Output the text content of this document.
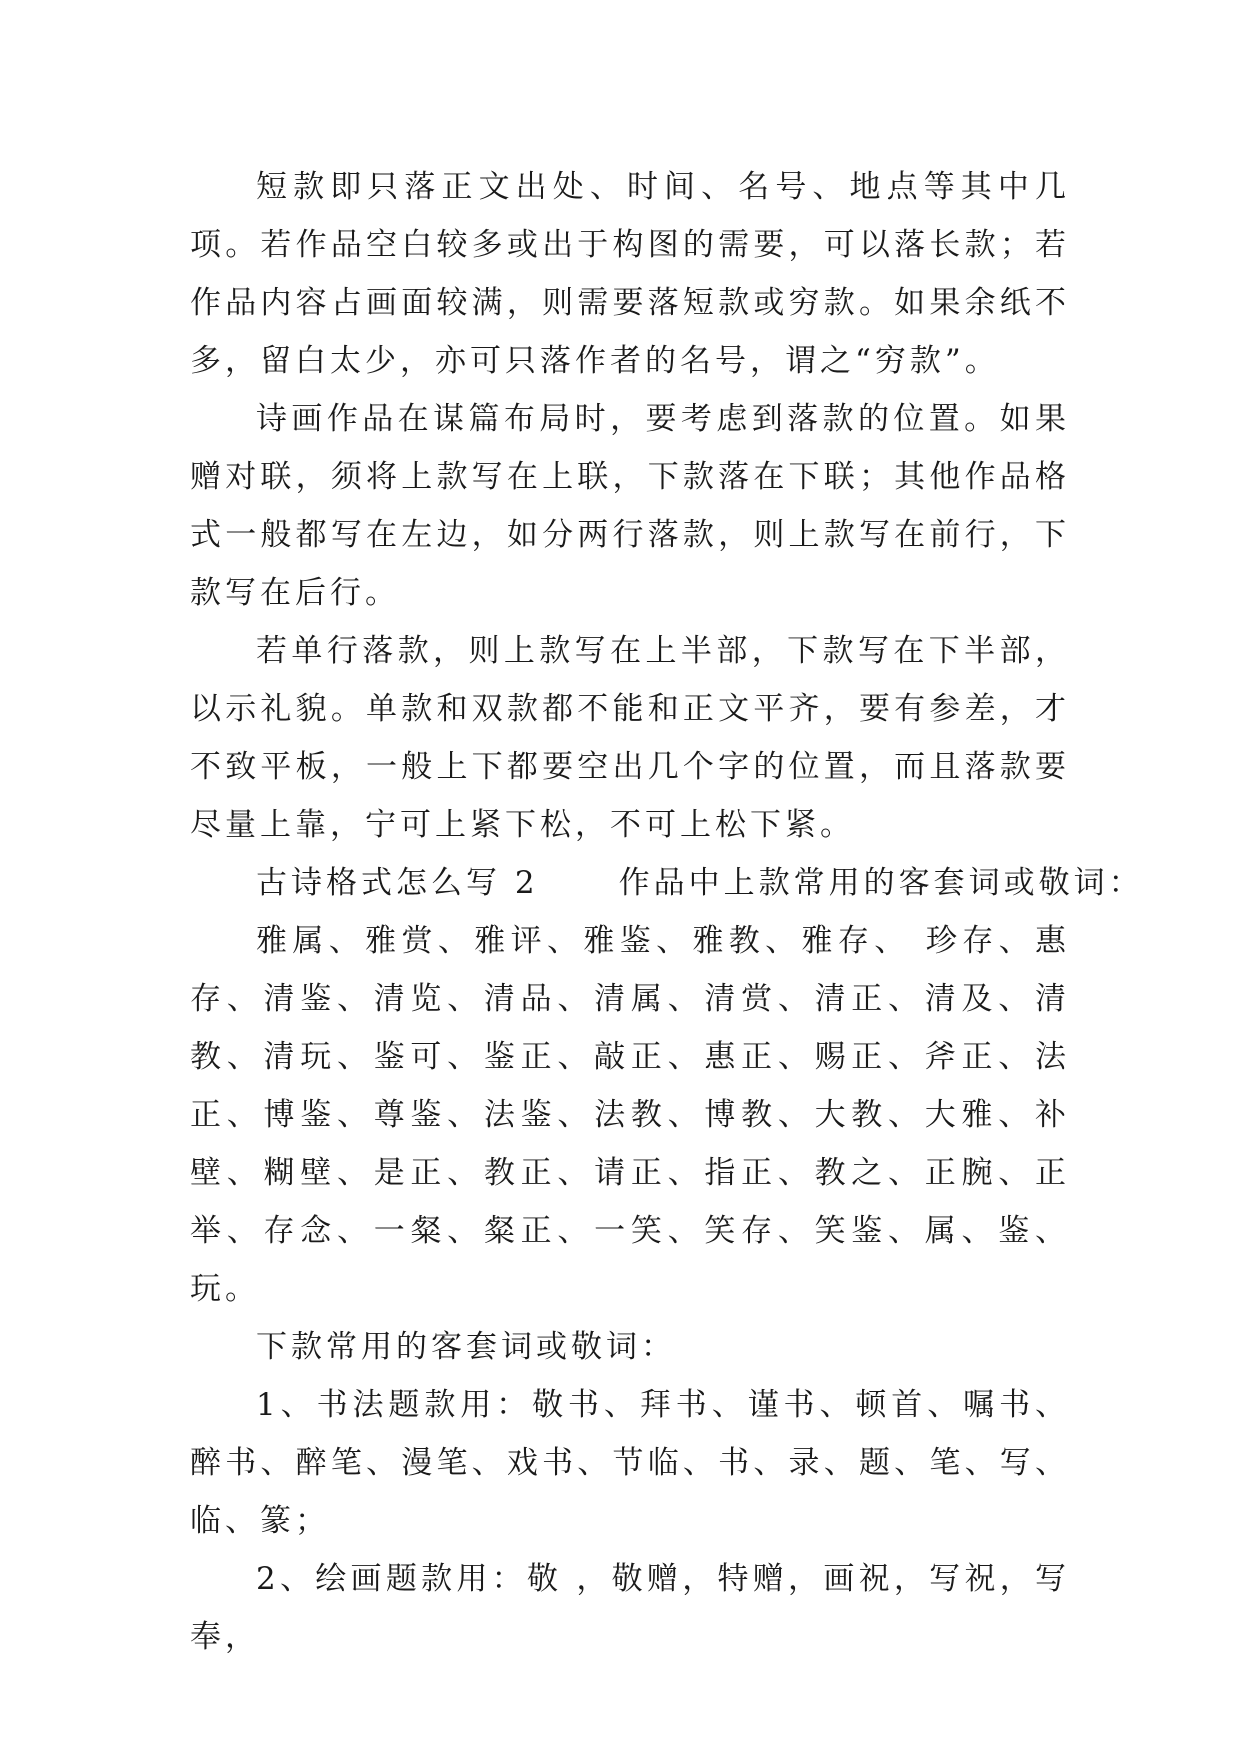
短款即只落正文出处、时间、名号、地点等其中几项。若作品空白较多或出于构图的需要，可以落长款；若作品内容占画面较满，则需要落短款或穷款。如果余纸不多，留白太少，亦可只落作者的名号，谓之“穷款”。

诗画作品在谋篇布局时，要考虑到落款的位置。如果赠对联，须将上款写在上联，下款落在下联；其他作品格式一般都写在左边，如分两行落款，则上款写在前行，下款写在后行。

若单行落款，则上款写在上半部，下款写在下半部，以示礼貌。单款和双款都不能和正文平齐，要有参差，才不致平板，一般上下都要空出几个字的位置，而且落款要尽量上靠，宁可上紧下松，不可上松下紧。

古诗格式怎么写 2	作品中上款常用的客套词或敬词：

雅属、雅赏、雅评、雅鉴、雅教、雅存、 珍存、惠存、清鉴、清览、清品、清属、清赏、清正、清及、清教、清玩、鉴可、鉴正、敲正、惠正、赐正、斧正、法正、博鉴、尊鉴、法鉴、法教、博教、大教、大雅、补壁、糊壁、是正、教正、请正、指正、教之、正腕、正举、存念、一粲、粲正、一笑、笑存、笑鉴、属、鉴、玩。

下款常用的客套词或敬词：

1、书法题款用：敬书、拜书、谨书、顿首、嘱书、醉书、醉笔、漫笔、戏书、节临、书、录、题、笔、写、临、篆；

2、绘画题款用：敬 ，敬赠，特赠，画祝，写祝，写奉，
